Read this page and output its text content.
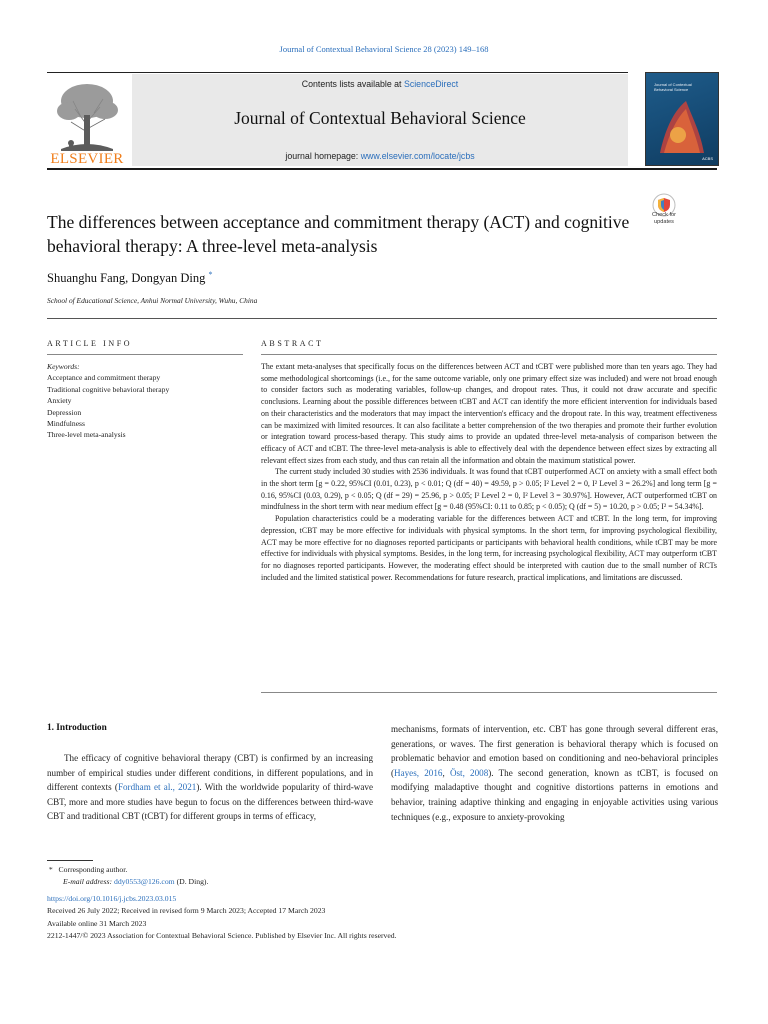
Journal of Contextual Behavioral Science 28 (2023) 149–168
ELSEVIER
Contents lists available at ScienceDirect
Journal of Contextual Behavioral Science
journal homepage: www.elsevier.com/locate/jcbs
Journal of Contextual Behavioral Science
ACBS
The differences between acceptance and commitment therapy (ACT) and cognitive behavioral therapy: A three-level meta-analysis
Check for
updates
Shuanghu Fang, Dongyan Ding *
School of Educational Science, Anhui Normal University, Wuhu, China
ARTICLE INFO
Keywords:
Acceptance and commitment therapy
Traditional cognitive behavioral therapy
Anxiety
Depression
Mindfulness
Three-level meta-analysis
ABSTRACT

The extant meta-analyses that specifically focus on the differences between ACT and tCBT were published more than ten years ago. They had some methodological shortcomings (i.e., for the same outcome variable, only one primary effect size was included) and were not broad enough to consider factors such as moderating variables, follow-up changes, and dropout rates. Thus, it could not draw accurate and specific conclusions. Learning about the possible differences between tCBT and ACT can identify the more efficient intervention for individuals based on their characteristics and the moderators that may impact the intervention's efficacy and the dropout rate. In this way, treatment effectiveness can be maximized with limited resources. It can also facilitate a better comprehension of the two therapies and promote their further evolution or integration toward process-based therapy. This study aims to provide an updated three-level meta-analysis of comparison between the efficacy of ACT and tCBT. The three-level meta-analysis is able to effectively deal with the dependence between effect sizes by extracting all relevant effect sizes from each study, and thus can retain all the information and obtain the maximum statistical power.

The current study included 30 studies with 2536 individuals. It was found that tCBT outperformed ACT on anxiety with a small effect both in the short term [g = 0.22, 95%CI (0.01, 0.23), p < 0.01; Q (df = 40) = 49.59, p > 0.05; I² Level 2 = 0, I² Level 3 = 26.2%] and long term [g = 0.16, 95%CI (0.03, 0.29), p < 0.05; Q (df = 29) = 25.96, p > 0.05; I² Level 2 = 0, I² Level 3 = 30.97%]. However, ACT outperformed tCBT on mindfulness in the short term with near medium effect [g = 0.48 (95%CI: 0.11 to 0.85; p < 0.05); Q (df = 5) = 10.20, p > 0.05; I² = 54.34%].

Population characteristics could be a moderating variable for the differences between ACT and tCBT. In the long term, for improving depression, tCBT may be more effective for individuals with physical symptoms. In the short term, for improving psychological flexibility, ACT may be more effective for no diagnoses reported participants or participants with behavioral health conditions, while tCBT may be more effective for individuals with physical symptoms. Besides, in the long term, for increasing psychological flexibility, ACT may outperform tCBT for no diagnoses reported participants. However, the moderating effect should be interpreted with caution due to the small number of RCTs included and the limited statistical power. Recommendations for future research, practical implications, and limitations are discussed.

1. Introduction

The efficacy of cognitive behavioral therapy (CBT) is confirmed by an increasing number of empirical studies under different conditions, in different populations, and in different contexts (Fordham et al., 2021). With the worldwide popularity of third-wave CBT, more and more studies have begun to focus on the differences between third-wave CBT and traditional CBT (tCBT) for different groups in terms of efficacy,

mechanisms, formats of intervention, etc. CBT has gone through several different eras, generations, or waves. The first generation is behavioral therapy which is focused on problematic behavior and emotion based on conditioning and neo-behavioral principles (Hayes, 2016, Öst, 2008). The second generation, known as tCBT, is focused on modifying maladaptive thought and cognitive distortions patterns in emotions and behavior, training adaptive thinking and engaging in enjoyable activities using various techniques (e.g., exposure to anxiety-provoking

* Corresponding author.
E-mail address: ddy0553@126.com (D. Ding).
https://doi.org/10.1016/j.jcbs.2023.03.015
Received 26 July 2022; Received in revised form 9 March 2023; Accepted 17 March 2023
Available online 31 March 2023
2212-1447/© 2023 Association for Contextual Behavioral Science. Published by Elsevier Inc. All rights reserved.
